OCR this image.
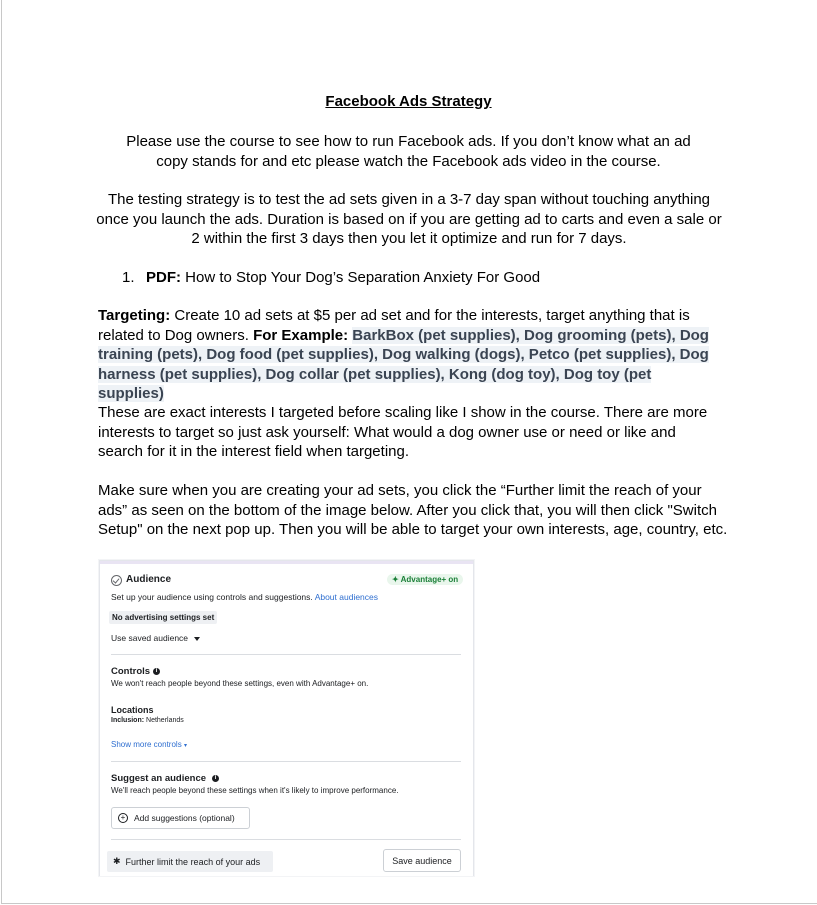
Facebook Ads Strategy
Please use the course to see how to run Facebook ads. If you don’t know what an ad copy stands for and etc please watch the Facebook ads video in the course.
The testing strategy is to test the ad sets given in a 3-7 day span without touching anything once you launch the ads. Duration is based on if you are getting ad to carts and even a sale or 2 within the first 3 days then you let it optimize and run for 7 days.
1. PDF: How to Stop Your Dog’s Separation Anxiety For Good
Targeting: Create 10 ad sets at $5 per ad set and for the interests, target anything that is related to Dog owners. For Example: BarkBox (pet supplies), Dog grooming (pets), Dog training (pets), Dog food (pet supplies), Dog walking (dogs), Petco (pet supplies), Dog harness (pet supplies), Dog collar (pet supplies), Kong (dog toy), Dog toy (pet supplies)
These are exact interests I targeted before scaling like I show in the course. There are more interests to target so just ask yourself: What would a dog owner use or need or like and search for it in the interest field when targeting.
Make sure when you are creating your ad sets, you click the “Further limit the reach of your ads” as seen on the bottom of the image below. After you click that, you will then click "Switch Setup" on the next pop up. Then you will be able to target your own interests, age, country, etc.
Audience	✦ Advantage+ on
Set up your audience using controls and suggestions. About audiences
No advertising settings set
Use saved audience
Controls i
We won't reach people beyond these settings, even with Advantage+ on.
Locations
Inclusion: Netherlands
Show more controls ▾
Suggest an audience i
We'll reach people beyond these settings when it's likely to improve performance.
+	Add suggestions (optional)
✱ Further limit the reach of your ads	Save audience
